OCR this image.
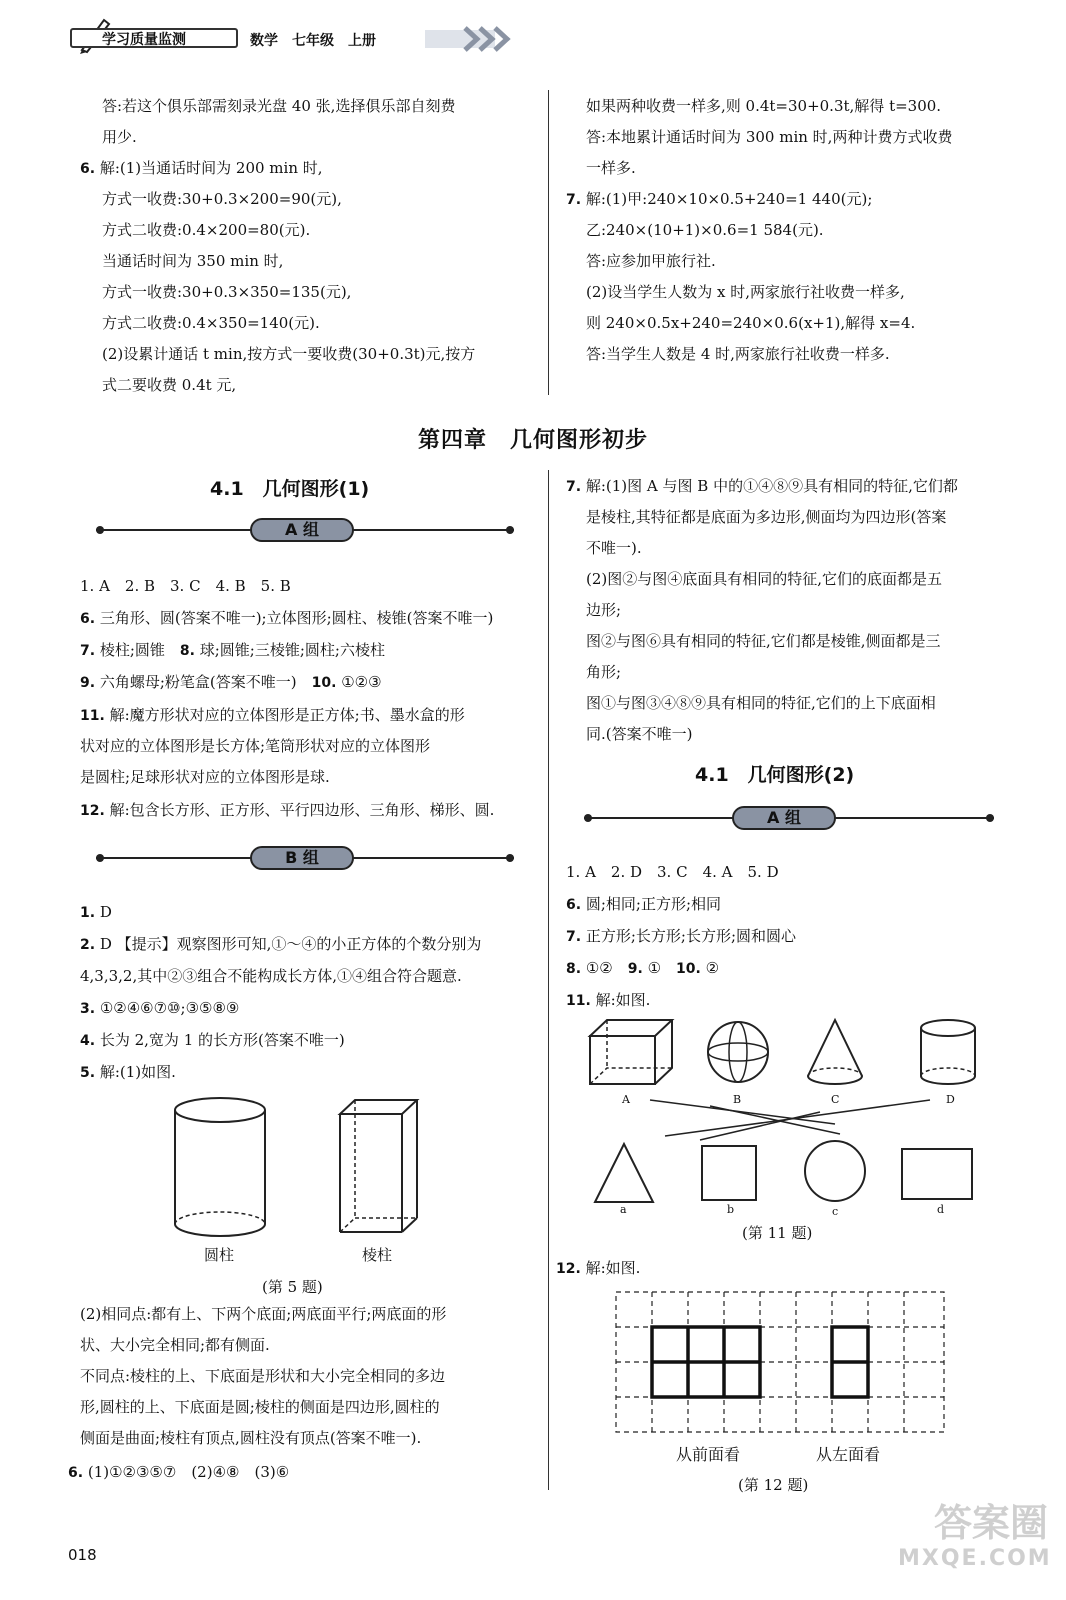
学习质量监测	数学　七年级　上册
答:若这个俱乐部需刻录光盘 40 张,选择俱乐部自刻费
用少.
6. 解:(1)当通话时间为 200 min 时,
方式一收费:30+0.3×200=90(元),
方式二收费:0.4×200=80(元).
当通话时间为 350 min 时,
方式一收费:30+0.3×350=135(元),
方式二收费:0.4×350=140(元).
(2)设累计通话 t min,按方式一要收费(30+0.3t)元,按方
式二要收费 0.4t 元,
如果两种收费一样多,则 0.4t=30+0.3t,解得 t=300.
答:本地累计通话时间为 300 min 时,两种计费方式收费
一样多.
7. 解:(1)甲:240×10×0.5+240=1 440(元);
乙:240×(10+1)×0.6=1 584(元).
答:应参加甲旅行社.
(2)设当学生人数为 x 时,两家旅行社收费一样多,
则 240×0.5x+240=240×0.6(x+1),解得 x=4.
答:当学生人数是 4 时,两家旅行社收费一样多.
第四章　几何图形初步
4.1　几何图形(1)
A 组
1. A　2. B　3. C　4. B　5. B
6. 三角形、圆(答案不唯一);立体图形;圆柱、棱锥(答案不唯一)
7. 棱柱;圆锥　8. 球;圆锥;三棱锥;圆柱;六棱柱
9. 六角螺母;粉笔盒(答案不唯一)　10. ①②③
11. 解:魔方形状对应的立体图形是正方体;书、墨水盒的形
状对应的立体图形是长方体;笔筒形状对应的立体图形
是圆柱;足球形状对应的立体图形是球.
12. 解:包含长方形、正方形、平行四边形、三角形、梯形、圆.
B 组
1. D
2. D 【提示】观察图形可知,①～④的小正方体的个数分别为
4,3,3,2,其中②③组合不能构成长方体,①④组合符合题意.
3. ①②④⑥⑦⑩;③⑤⑧⑨
4. 长为 2,宽为 1 的长方形(答案不唯一)
5. 解:(1)如图.
圆柱	棱柱
(第 5 题)
(2)相同点:都有上、下两个底面;两底面平行;两底面的形
状、大小完全相同;都有侧面.
不同点:棱柱的上、下底面是形状和大小完全相同的多边
形,圆柱的上、下底面是圆;棱柱的侧面是四边形,圆柱的
侧面是曲面;棱柱有顶点,圆柱没有顶点(答案不唯一).
6. (1)①②③⑤⑦　(2)④⑧　(3)⑥
7. 解:(1)图 A 与图 B 中的①④⑧⑨具有相同的特征,它们都
是棱柱,其特征都是底面为多边形,侧面均为四边形(答案
不唯一).
(2)图②与图④底面具有相同的特征,它们的底面都是五
边形;
图②与图⑥具有相同的特征,它们都是棱锥,侧面都是三
角形;
图①与图③④⑧⑨具有相同的特征,它们的上下底面相
同.(答案不唯一)
4.1　几何图形(2)
A 组
1. A　2. D　3. C　4. A　5. D
6. 圆;相同;正方形;相同
7. 正方形;长方形;长方形;圆和圆心
8. ①②　9. ①　10. ②
11. 解:如图.
A	B	C	D
a	b	c	d
(第 11 题)
12. 解:如图.
从前面看	从左面看
(第 12 题)
018
答案圈
MXQE.COM
